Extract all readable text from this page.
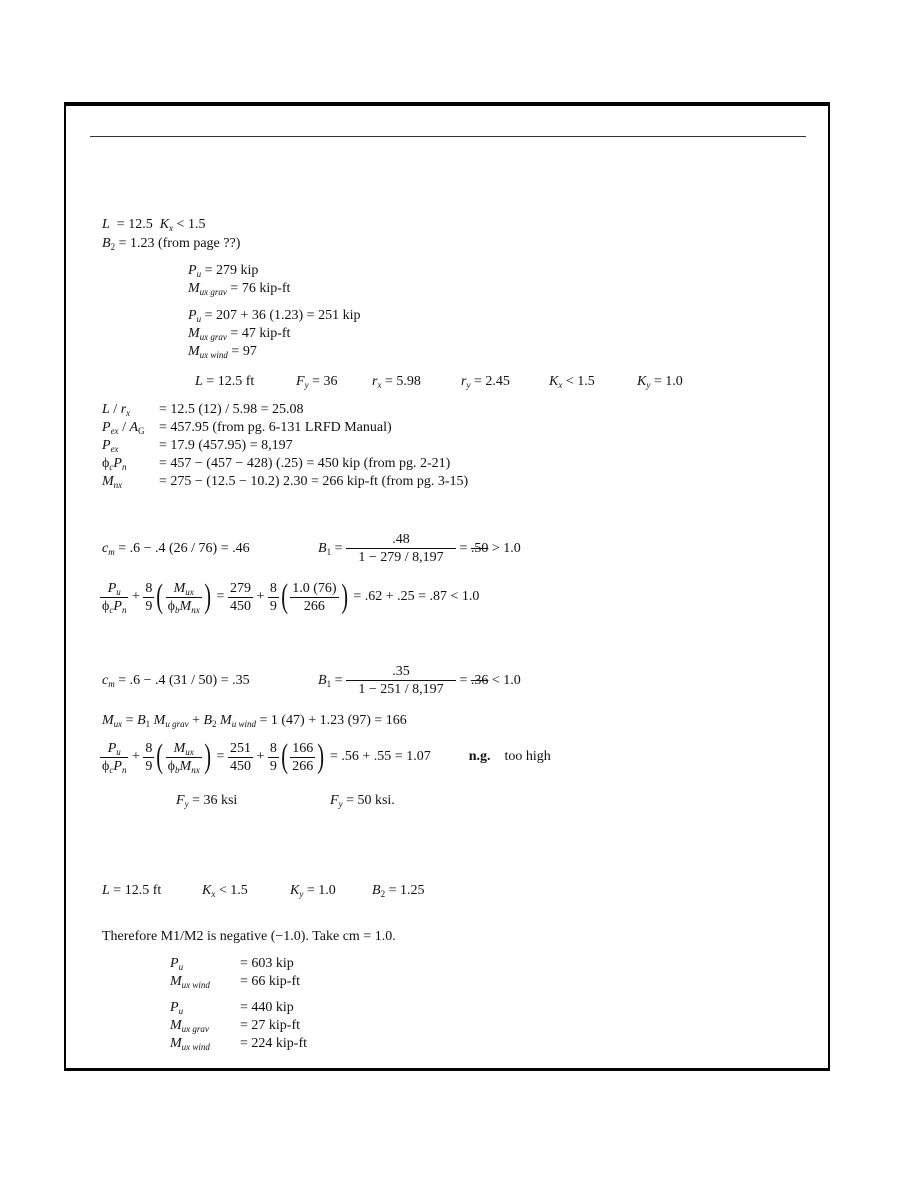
L  = 12.5  $K_x < 1.5$
$B_2 = 1.23$ (from page ??)
$P_u = 279$ kip
$M_{ux grav} = 76$ kip-ft
$P_u = 207 + 36$ (1.23) = 251 kip
$M_{ux grav} = 47$ kip-ft
$M_{ux wind} = 97$
L = 12.5 ft	$F_y = 36$ $r_x = 5.98$	$r_y = 2.45$	$K_x < 1.5$	$K_y = 1.0$
$L / r_x = 12.5$ (12) / 5.98 = 25.08
$P_{ex} / A_G = 457.95$ (from pg. 6-131 LRFD Manual)
$P_{ex}$	= 17.9 (457.95) = 8,197
$\phi_cP_n = 457 - (457 - 428) (.25) = 450$ kip (from pg. 2-21)
$M_{nx}$	= 275 − (12.5 − 10.2) 2.30 = 266 kip-ft (from pg. 3-15)
$c_m = .6 - .4$ (26 / 76) = .46	$B_1 = \frac{.48}{1 - 279 / 8,197} = .50 > 1.0$
$\frac{P_u}{\phi_cP_n} + \frac{8}{9}$ ( $\frac{M_{ux}}{\phi_bM_{nx}}$ ) = $\frac{279}{450} + \frac{8}{9}$ ( $\frac{1.0 (76)}{266}$ ) = .62 + .25 = .87 < 1.0
$c_m = .6 - .4$ (31 / 50) = .35	$B_1 = \frac{.35}{1 - 251 / 8,197} = .36 < 1.0$
$M_{ux} = B_1$ $M_{u grav} + B_2$ $M_{u wind} = 1$ (47) + 1.23 (97) = 166
$\frac{P_u}{\phi_cP_n} + \frac{8}{9}$ ( $\frac{M_{ux}}{\phi_bM_{nx}}$ ) = $\frac{251}{450} + \frac{8}{9}$ ( $\frac{166}{266}$ ) = .56 + .55 = 1.07	n.g. too high
$F_y = 36$ ksi	$F_y = 50$ ksi.
L = 12.5 ft	$K_x < 1.5$	$K_y = 1.0$	$B_2 = 1.25$
Therefore M1/M2 is negative (−1.0). Take cm = 1.0.
$P_u$	= 603 kip
$M_{ux wind} = 66$ kip-ft
$P_u$	= 440 kip
$M_{ux grav} = 27$ kip-ft
$M_{ux wind} = 224$ kip-ft
